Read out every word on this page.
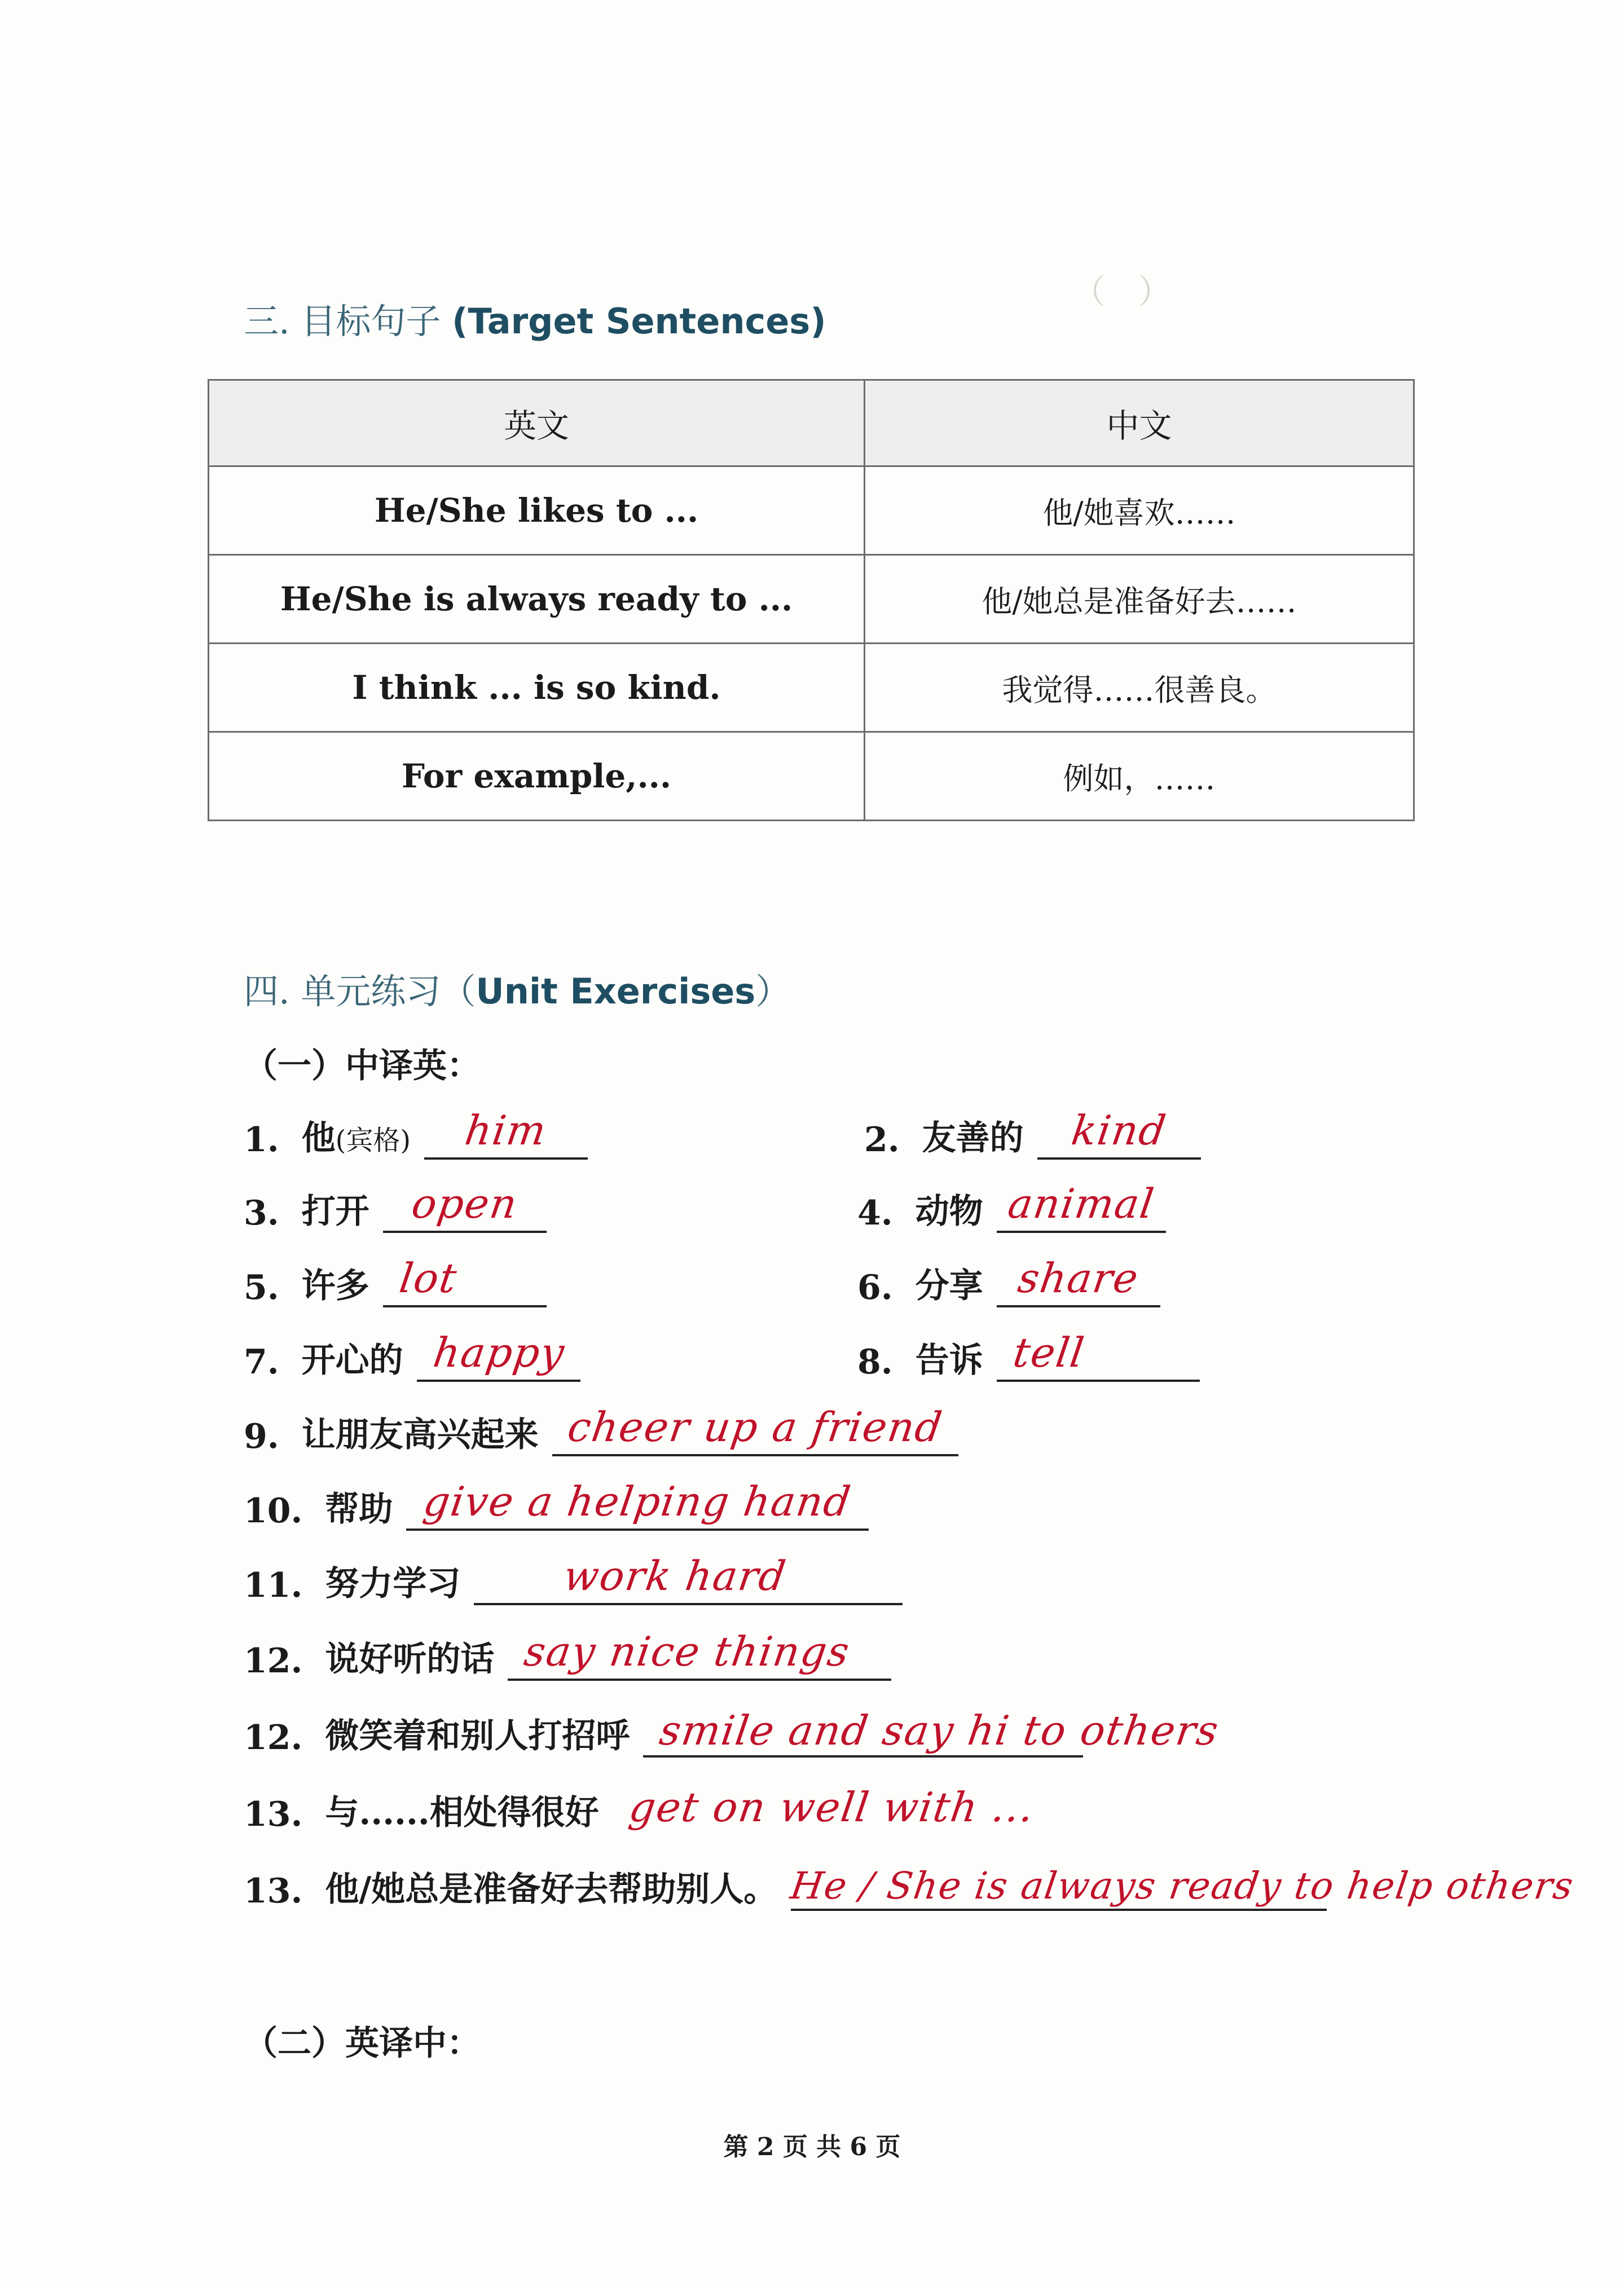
（   ）
三. 目标句子 (Target Sentences)
英文	中文
He/She likes to ...	他/她喜欢……
He/She is always ready to ...	他/她总是准备好去……
I think ... is so kind.	我觉得……很善良。
For example,...	例如，……
四. 单元练习（Unit Exercises）
（一）中译英：
1. 他(宾格)	him	2. 友善的	kind
3. 打开 open	4. 动物 animal
5. 许多 lot	6. 分享 share
7. 开心的 happy	8. 告诉 tell
9. 让朋友高兴起来 cheer up a friend
10. 帮助 give a helping hand
11. 努力学习	work hard
12. 说好听的话 say nice things
12. 微笑着和别人打招呼 smile and say hi to others
13. 与......相处得很好 get on well with ...
13. 他/她总是准备好去帮助别人。 He / She is always ready to help others
（二）英译中：
第 2 页 共 6 页
